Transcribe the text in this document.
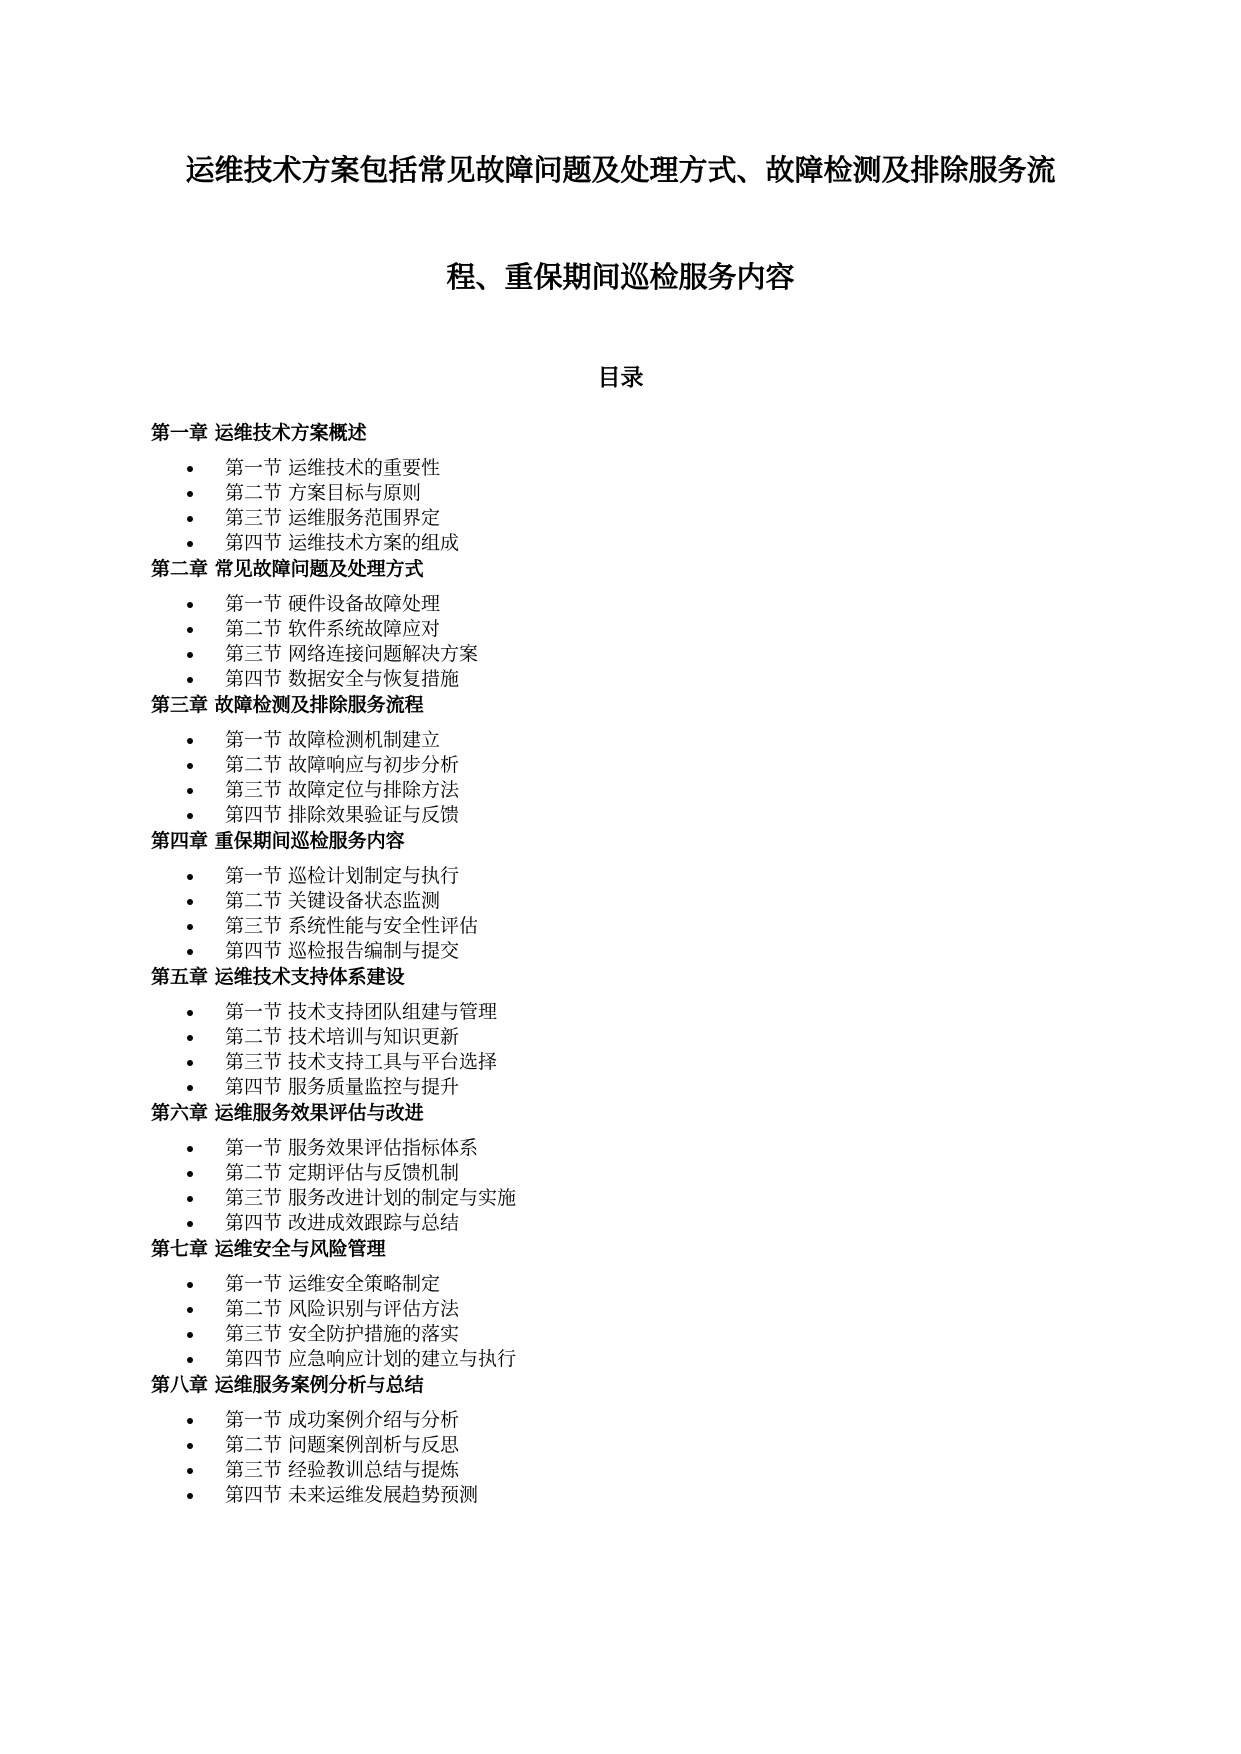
运维技术方案包括常见故障问题及处理方式、故障检测及排除服务流
程、重保期间巡检服务内容
目录
第一章 运维技术方案概述
第一节 运维技术的重要性
第二节 方案目标与原则
第三节 运维服务范围界定
第四节 运维技术方案的组成
第二章 常见故障问题及处理方式
第一节 硬件设备故障处理
第二节 软件系统故障应对
第三节 网络连接问题解决方案
第四节 数据安全与恢复措施
第三章 故障检测及排除服务流程
第一节 故障检测机制建立
第二节 故障响应与初步分析
第三节 故障定位与排除方法
第四节 排除效果验证与反馈
第四章 重保期间巡检服务内容
第一节 巡检计划制定与执行
第二节 关键设备状态监测
第三节 系统性能与安全性评估
第四节 巡检报告编制与提交
第五章 运维技术支持体系建设
第一节 技术支持团队组建与管理
第二节 技术培训与知识更新
第三节 技术支持工具与平台选择
第四节 服务质量监控与提升
第六章 运维服务效果评估与改进
第一节 服务效果评估指标体系
第二节 定期评估与反馈机制
第三节 服务改进计划的制定与实施
第四节 改进成效跟踪与总结
第七章 运维安全与风险管理
第一节 运维安全策略制定
第二节 风险识别与评估方法
第三节 安全防护措施的落实
第四节 应急响应计划的建立与执行
第八章 运维服务案例分析与总结
第一节 成功案例介绍与分析
第二节 问题案例剖析与反思
第三节 经验教训总结与提炼
第四节 未来运维发展趋势预测
